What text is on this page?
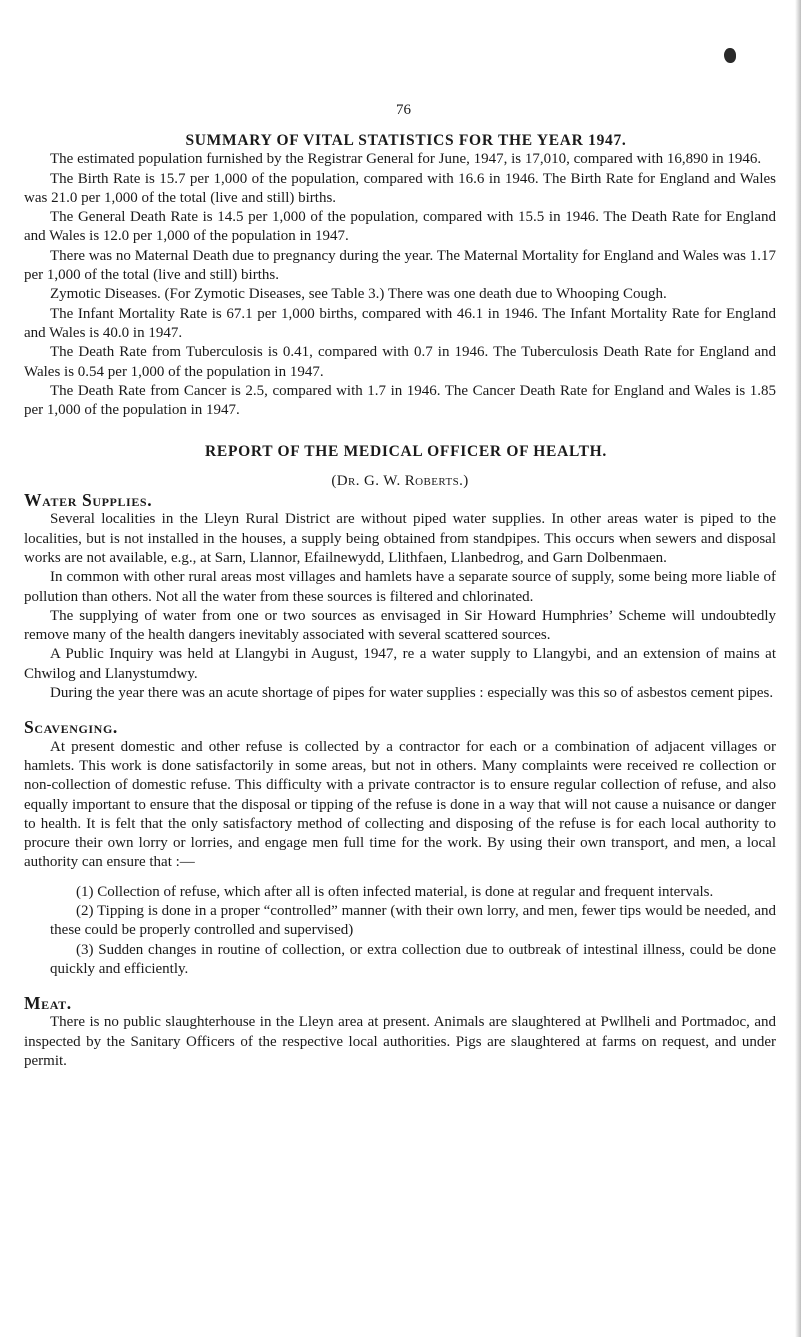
76
SUMMARY OF VITAL STATISTICS FOR THE YEAR 1947.

The estimated population furnished by the Registrar General for June, 1947, is 17,010, compared with 16,890 in 1946.

The Birth Rate is 15.7 per 1,000 of the population, compared with 16.6 in 1946. The Birth Rate for England and Wales was 21.0 per 1,000 of the total (live and still) births.

The General Death Rate is 14.5 per 1,000 of the population, compared with 15.5 in 1946. The Death Rate for England and Wales is 12.0 per 1,000 of the population in 1947.

There was no Maternal Death due to pregnancy during the year. The Maternal Mortality for England and Wales was 1.17 per 1,000 of the total (live and still) births.

Zymotic Diseases. (For Zymotic Diseases, see Table 3.) There was one death due to Whooping Cough.

The Infant Mortality Rate is 67.1 per 1,000 births, compared with 46.1 in 1946. The Infant Mortality Rate for England and Wales is 40.0 in 1947.

The Death Rate from Tuberculosis is 0.41, compared with 0.7 in 1946. The Tuberculosis Death Rate for England and Wales is 0.54 per 1,000 of the population in 1947.

The Death Rate from Cancer is 2.5, compared with 1.7 in 1946. The Cancer Death Rate for England and Wales is 1.85 per 1,000 of the population in 1947.

REPORT OF THE MEDICAL OFFICER OF HEALTH.

(Dr. G. W. Roberts.)

Water Supplies.

Several localities in the Lleyn Rural District are without piped water supplies. In other areas water is piped to the localities, but is not installed in the houses, a supply being obtained from standpipes. This occurs when sewers and disposal works are not available, e.g., at Sarn, Llannor, Efailnewydd, Llithfaen, Llanbedrog, and Garn Dolbenmaen.

In common with other rural areas most villages and hamlets have a separate source of supply, some being more liable of pollution than others. Not all the water from these sources is filtered and chlorinated.

The supplying of water from one or two sources as envisaged in Sir Howard Humphries’ Scheme will undoubtedly remove many of the health dangers inevitably associated with several scattered sources.

A Public Inquiry was held at Llangybi in August, 1947, re a water supply to Llangybi, and an extension of mains at Chwilog and Llanystumdwy.

During the year there was an acute shortage of pipes for water supplies : especially was this so of asbestos cement pipes.

Scavenging.

At present domestic and other refuse is collected by a contractor for each or a combination of adjacent villages or hamlets. This work is done satisfactorily in some areas, but not in others. Many complaints were received re collection or non-collection of domestic refuse. This difficulty with a private contractor is to ensure regular collection of refuse, and also equally important to ensure that the disposal or tipping of the refuse is done in a way that will not cause a nuisance or danger to health. It is felt that the only satisfactory method of collecting and disposing of the refuse is for each local authority to procure their own lorry or lorries, and engage men full time for the work. By using their own transport, and men, a local authority can ensure that :—

(1) Collection of refuse, which after all is often infected material, is done at regular and frequent intervals.

(2) Tipping is done in a proper “controlled” manner (with their own lorry, and men, fewer tips would be needed, and these could be properly controlled and supervised)

(3) Sudden changes in routine of collection, or extra collection due to outbreak of intestinal illness, could be done quickly and efficiently.

Meat.

There is no public slaughterhouse in the Lleyn area at present. Animals are slaughtered at Pwllheli and Portmadoc, and inspected by the Sanitary Officers of the respective local authorities. Pigs are slaughtered at farms on request, and under permit.
